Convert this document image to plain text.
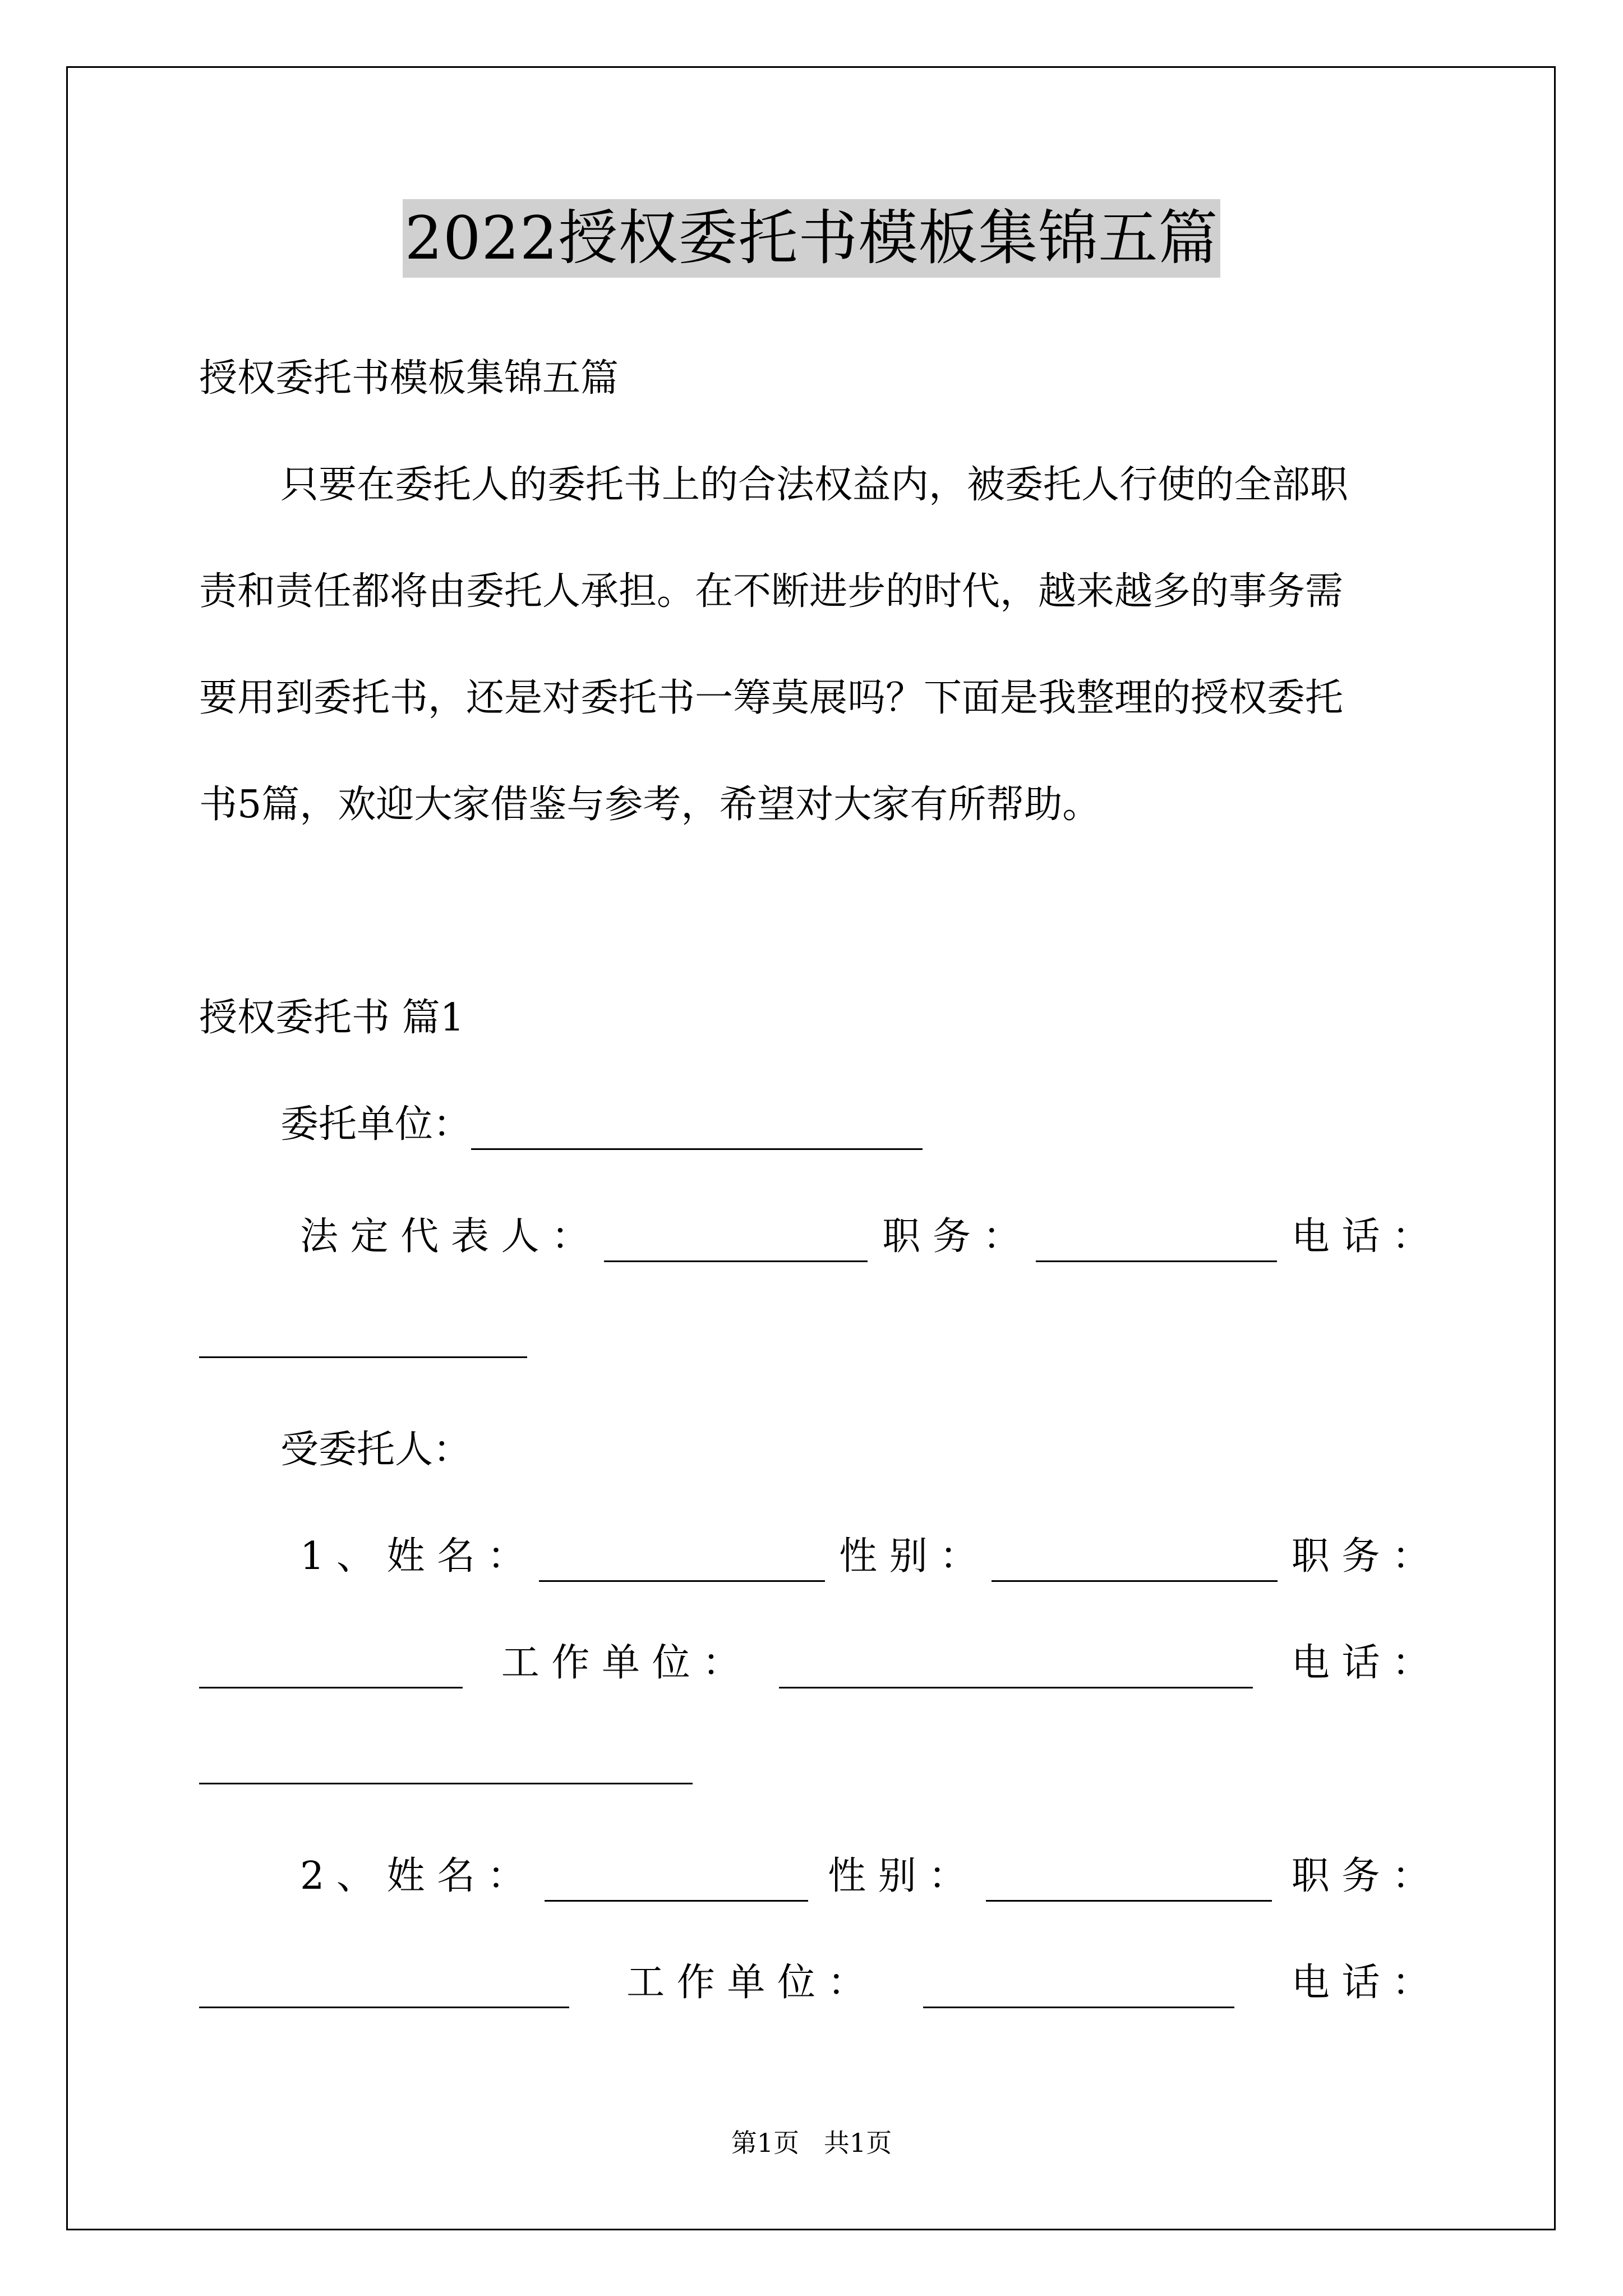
2022授权委托书模板集锦五篇
授权委托书模板集锦五篇
只要在委托人的委托书上的合法权益内，被委托人行使的全部职
责和责任都将由委托人承担。在不断进步的时代，越来越多的事务需
要用到委托书，还是对委托书一筹莫展吗？下面是我整理的授权委托
书5篇，欢迎大家借鉴与参考，希望对大家有所帮助。
授权委托书 篇1
委托单位：
法 定 代 表 人 ：	职 务 ：	电 话 ：
受委托人：
1 、 姓 名 ：	性 别 ：	职 务 ：
工 作 单 位 ：	电 话 ：
2 、 姓 名 ：	性 别 ：	职 务 ：
工 作 单 位 ：	电 话 ：
第1页   共1页
